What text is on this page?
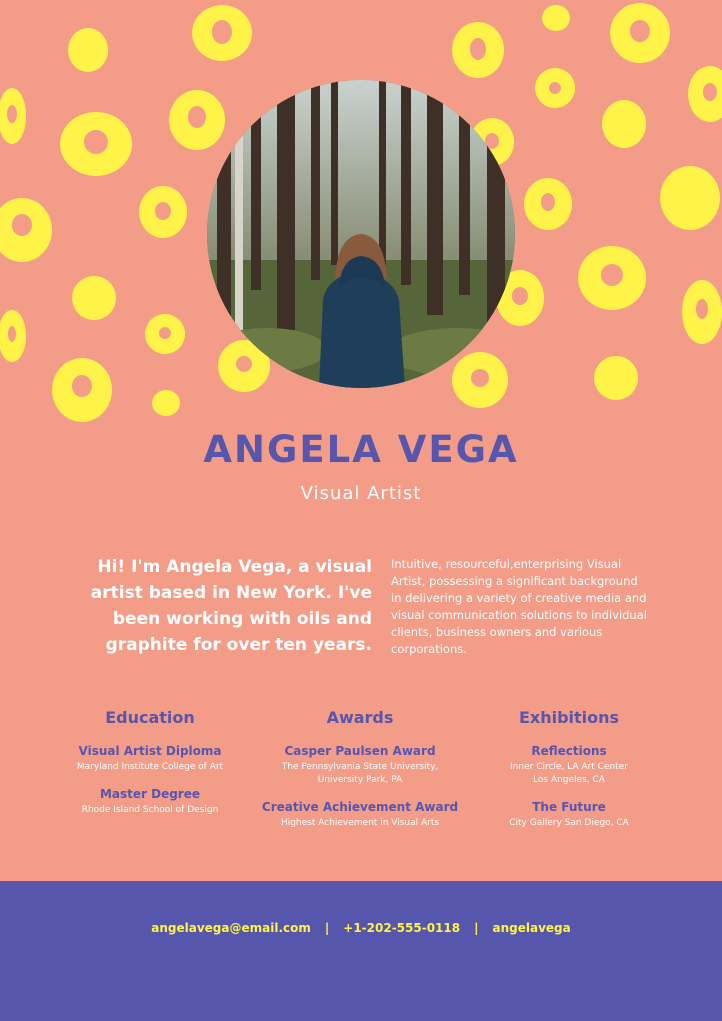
ANGELA VEGA
Visual Artist
Hi! I'm Angela Vega, a visual artist based in New York. I've been working with oils and graphite for over ten years.
Intuitive, resourceful,enterprising Visual Artist, possessing a significant background in delivering a variety of creative media and visual communication solutions to individual clients, business owners and various corporations.
Education
Visual Artist Diploma
Maryland Institute College of Art
Master Degree
Rhode Island School of Design
Awards
Casper Paulsen Award
The Pennsylvania State University,
University Park, PA
Creative Achievement Award
Highest Achievement in Visual Arts
Exhibitions
Reflections
Inner Circle, LA Art Center
Los Angeles, CA
The Future
City Gallery San Diego, CA
angelavega@email.com | +1-202-555-0118 | angelavega
